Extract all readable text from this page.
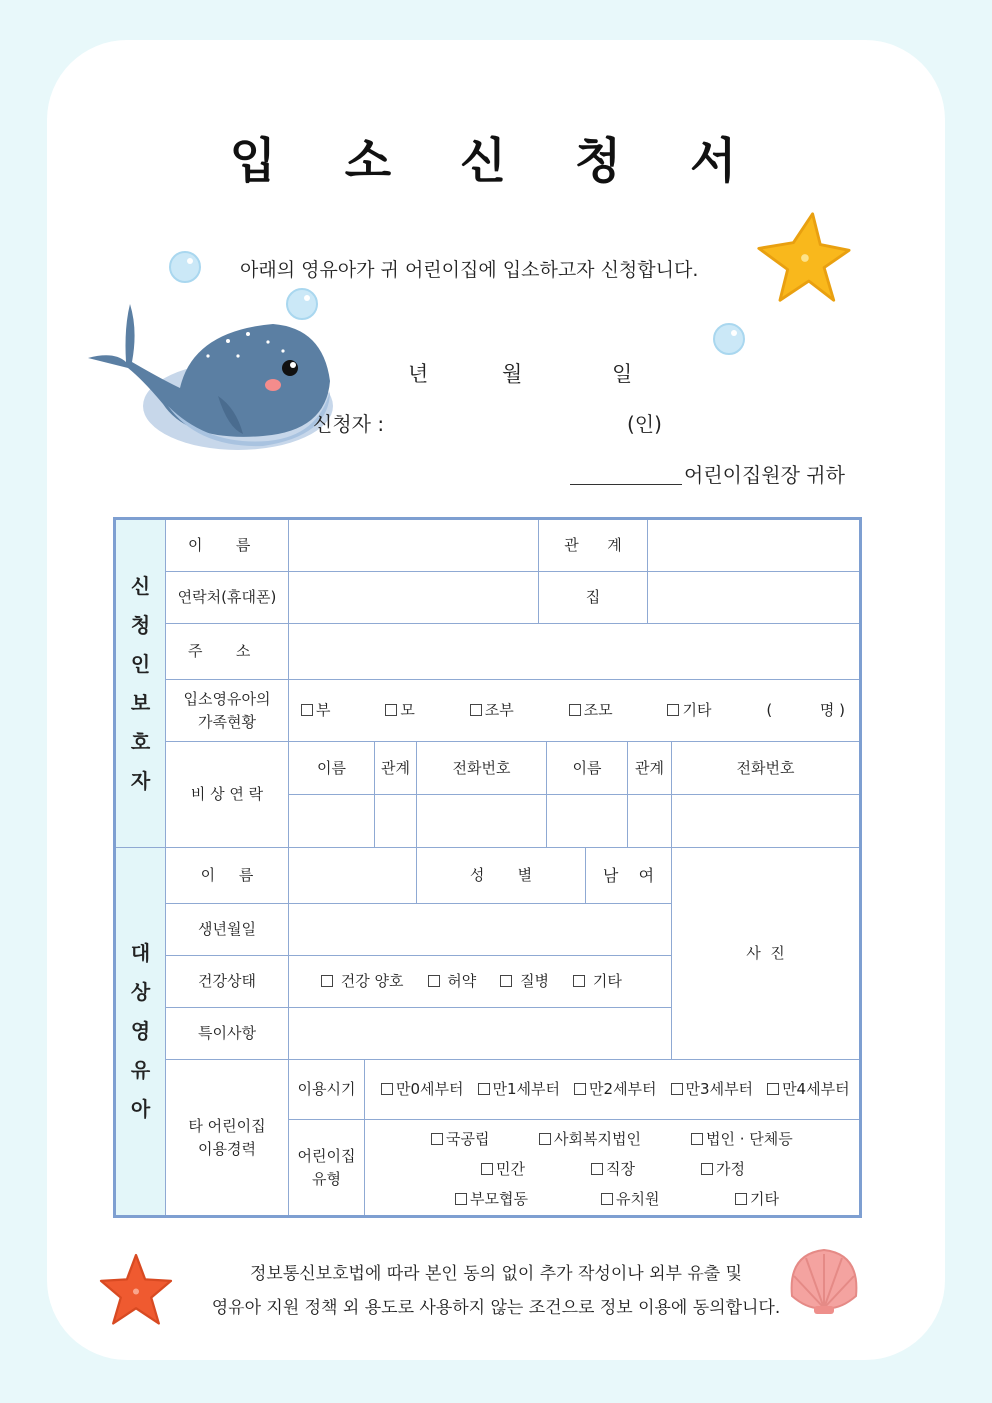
입 소 신 청 서
아래의 영유아가 귀 어린이집에 입소하고자 신청합니다.
년	월	일
신청자 :	(인)
어린이집원장 귀하
신
청
인
보
호
자
이       름	관      계
연락처(휴대폰)	집
주       소
입소영유아의
가족현황
부	모	조부	조모	기타	(          명 )
비 상 연 락
이름	관계	전화번호	이름	관계	전화번호
대
상
영
유
아
이     름	성       별	남    여
사  진
생년월일
건강상태	건강 양호	허약	질병	기타
특이사항
타 어린이집
이용경력
이용시기	만0세부터	만1세부터	만2세부터	만3세부터	만4세부터
어린이집
유형
국공립	사회복지법인	법인 · 단체등
민간	직장	가정
부모협동	유치원	기타
정보통신보호법에 따라 본인 동의 없이 추가 작성이나 외부 유출 및
영유아 지원 정책 외 용도로 사용하지 않는 조건으로 정보 이용에 동의합니다.
